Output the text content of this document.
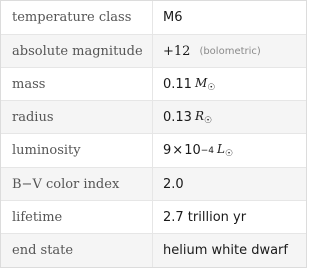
temperature class	M6
absolute magnitude	+12 (bolometric)
mass	0.11 $M_☉$
radius	0.13 $R_☉$
luminosity	9 × 10 −4 $L_☉$
B−V color index	2.0
lifetime	2.7 trillion yr
end state	helium white dwarf
